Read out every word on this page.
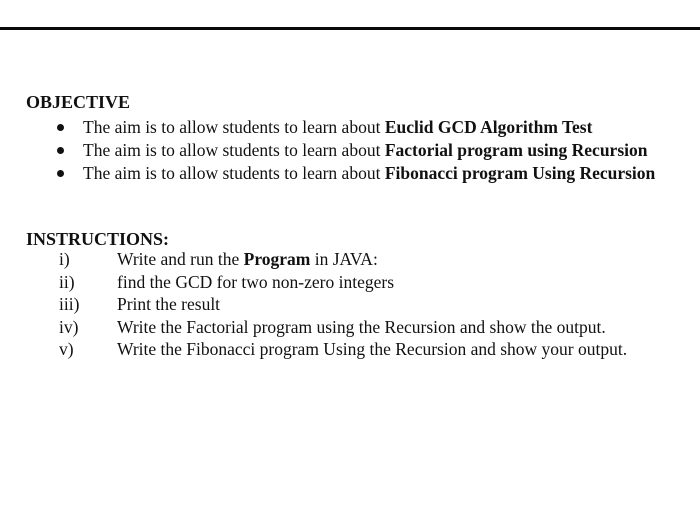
OBJECTIVE
The aim is to allow students to learn about Euclid GCD Algorithm Test
The aim is to allow students to learn about Factorial program using Recursion
The aim is to allow students to learn about Fibonacci program Using Recursion
INSTRUCTIONS:
i)	Write and run the Program in JAVA:
ii) find the GCD for two non-zero integers
iii) Print the result
iv) Write the Factorial program using the Recursion and show the output.
v) Write the Fibonacci program Using the Recursion and show your output.
